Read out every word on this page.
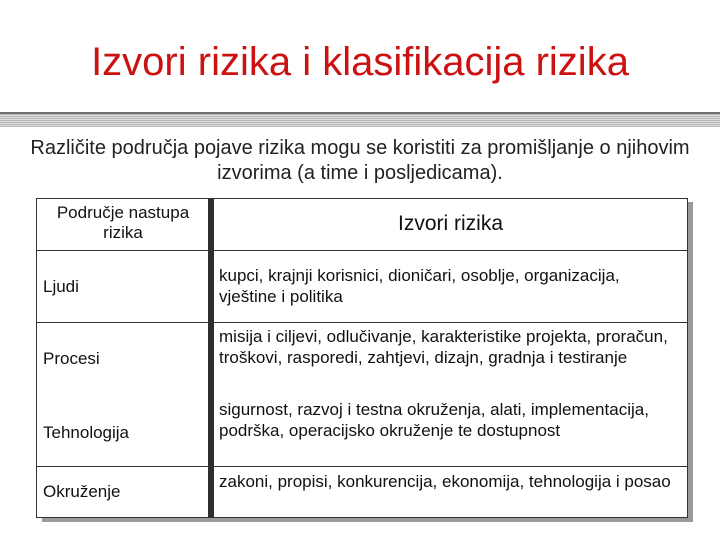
Izvori rizika i klasifikacija rizika
Različite područja pojave rizika mogu se koristiti za promišljanje o njihovim izvorima (a time i posljedicama).
Područje nastupa rizika	Izvori rizika
Ljudi
kupci, krajnji korisnici, dioničari, osoblje, organizacija, vještine i politika
Procesi
misija i ciljevi, odlučivanje, karakteristike projekta, proračun, troškovi, rasporedi, zahtjevi, dizajn, gradnja i testiranje
Tehnologija
sigurnost, razvoj i testna okruženja, alati, implementacija, podrška, operacijsko okruženje te dostupnost
Okruženje
zakoni, propisi, konkurencija, ekonomija, tehnologija i posao
